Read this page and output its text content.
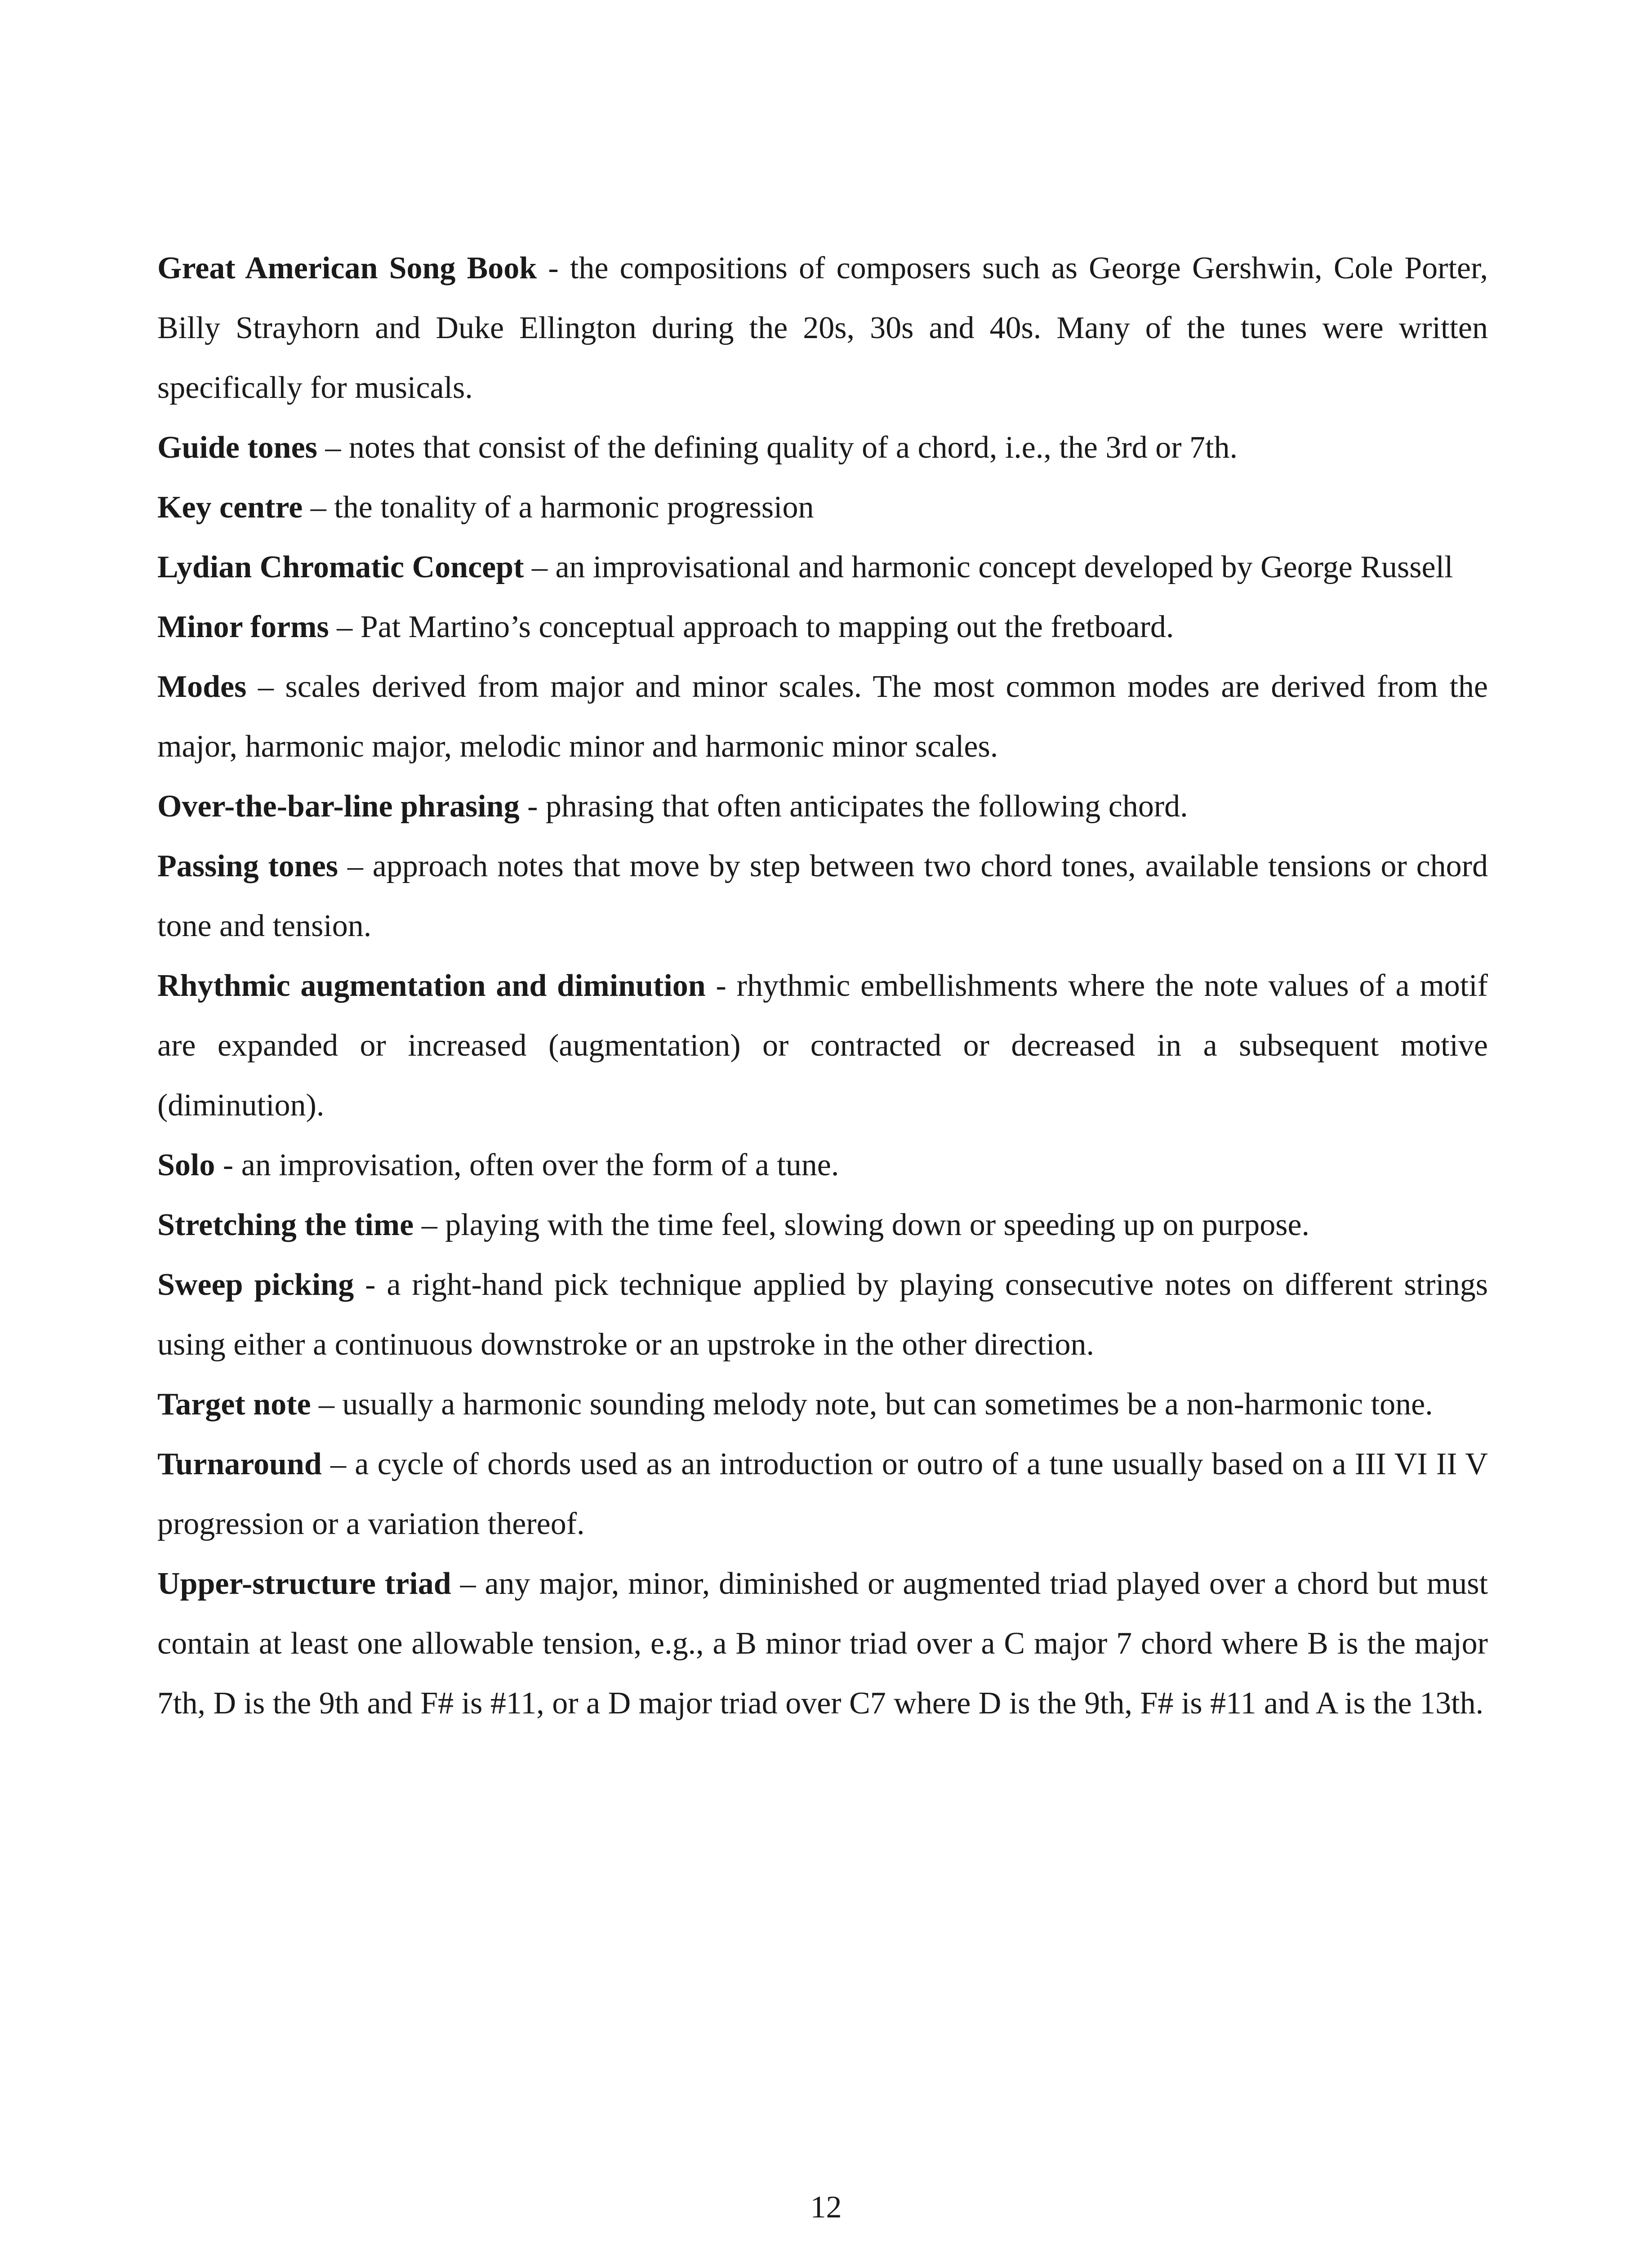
Great American Song Book - the compositions of composers such as George Gershwin, Cole Porter, Billy Strayhorn and Duke Ellington during the 20s, 30s and 40s. Many of the tunes were written specifically for musicals.

Guide tones – notes that consist of the defining quality of a chord, i.e., the 3rd or 7th.

Key centre – the tonality of a harmonic progression

Lydian Chromatic Concept – an improvisational and harmonic concept developed by George Russell

Minor forms – Pat Martino’s conceptual approach to mapping out the fretboard.

Modes – scales derived from major and minor scales. The most common modes are derived from the major, harmonic major, melodic minor and harmonic minor scales.

Over-the-bar-line phrasing - phrasing that often anticipates the following chord.

Passing tones – approach notes that move by step between two chord tones, available tensions or chord tone and tension.

Rhythmic augmentation and diminution - rhythmic embellishments where the note values of a motif are expanded or increased (augmentation) or contracted or decreased in a subsequent motive (diminution).

Solo - an improvisation, often over the form of a tune.

Stretching the time – playing with the time feel, slowing down or speeding up on purpose.

Sweep picking - a right-hand pick technique applied by playing consecutive notes on different strings using either a continuous downstroke or an upstroke in the other direction.

Target note – usually a harmonic sounding melody note, but can sometimes be a non-harmonic tone.

Turnaround – a cycle of chords used as an introduction or outro of a tune usually based on a III VI II V progression or a variation thereof.

Upper-structure triad – any major, minor, diminished or augmented triad played over a chord but must contain at least one allowable tension, e.g., a B minor triad over a C major 7 chord where B is the major 7th, D is the 9th and F# is #11, or a D major triad over C7 where D is the 9th, F# is #11 and A is the 13th.

12
